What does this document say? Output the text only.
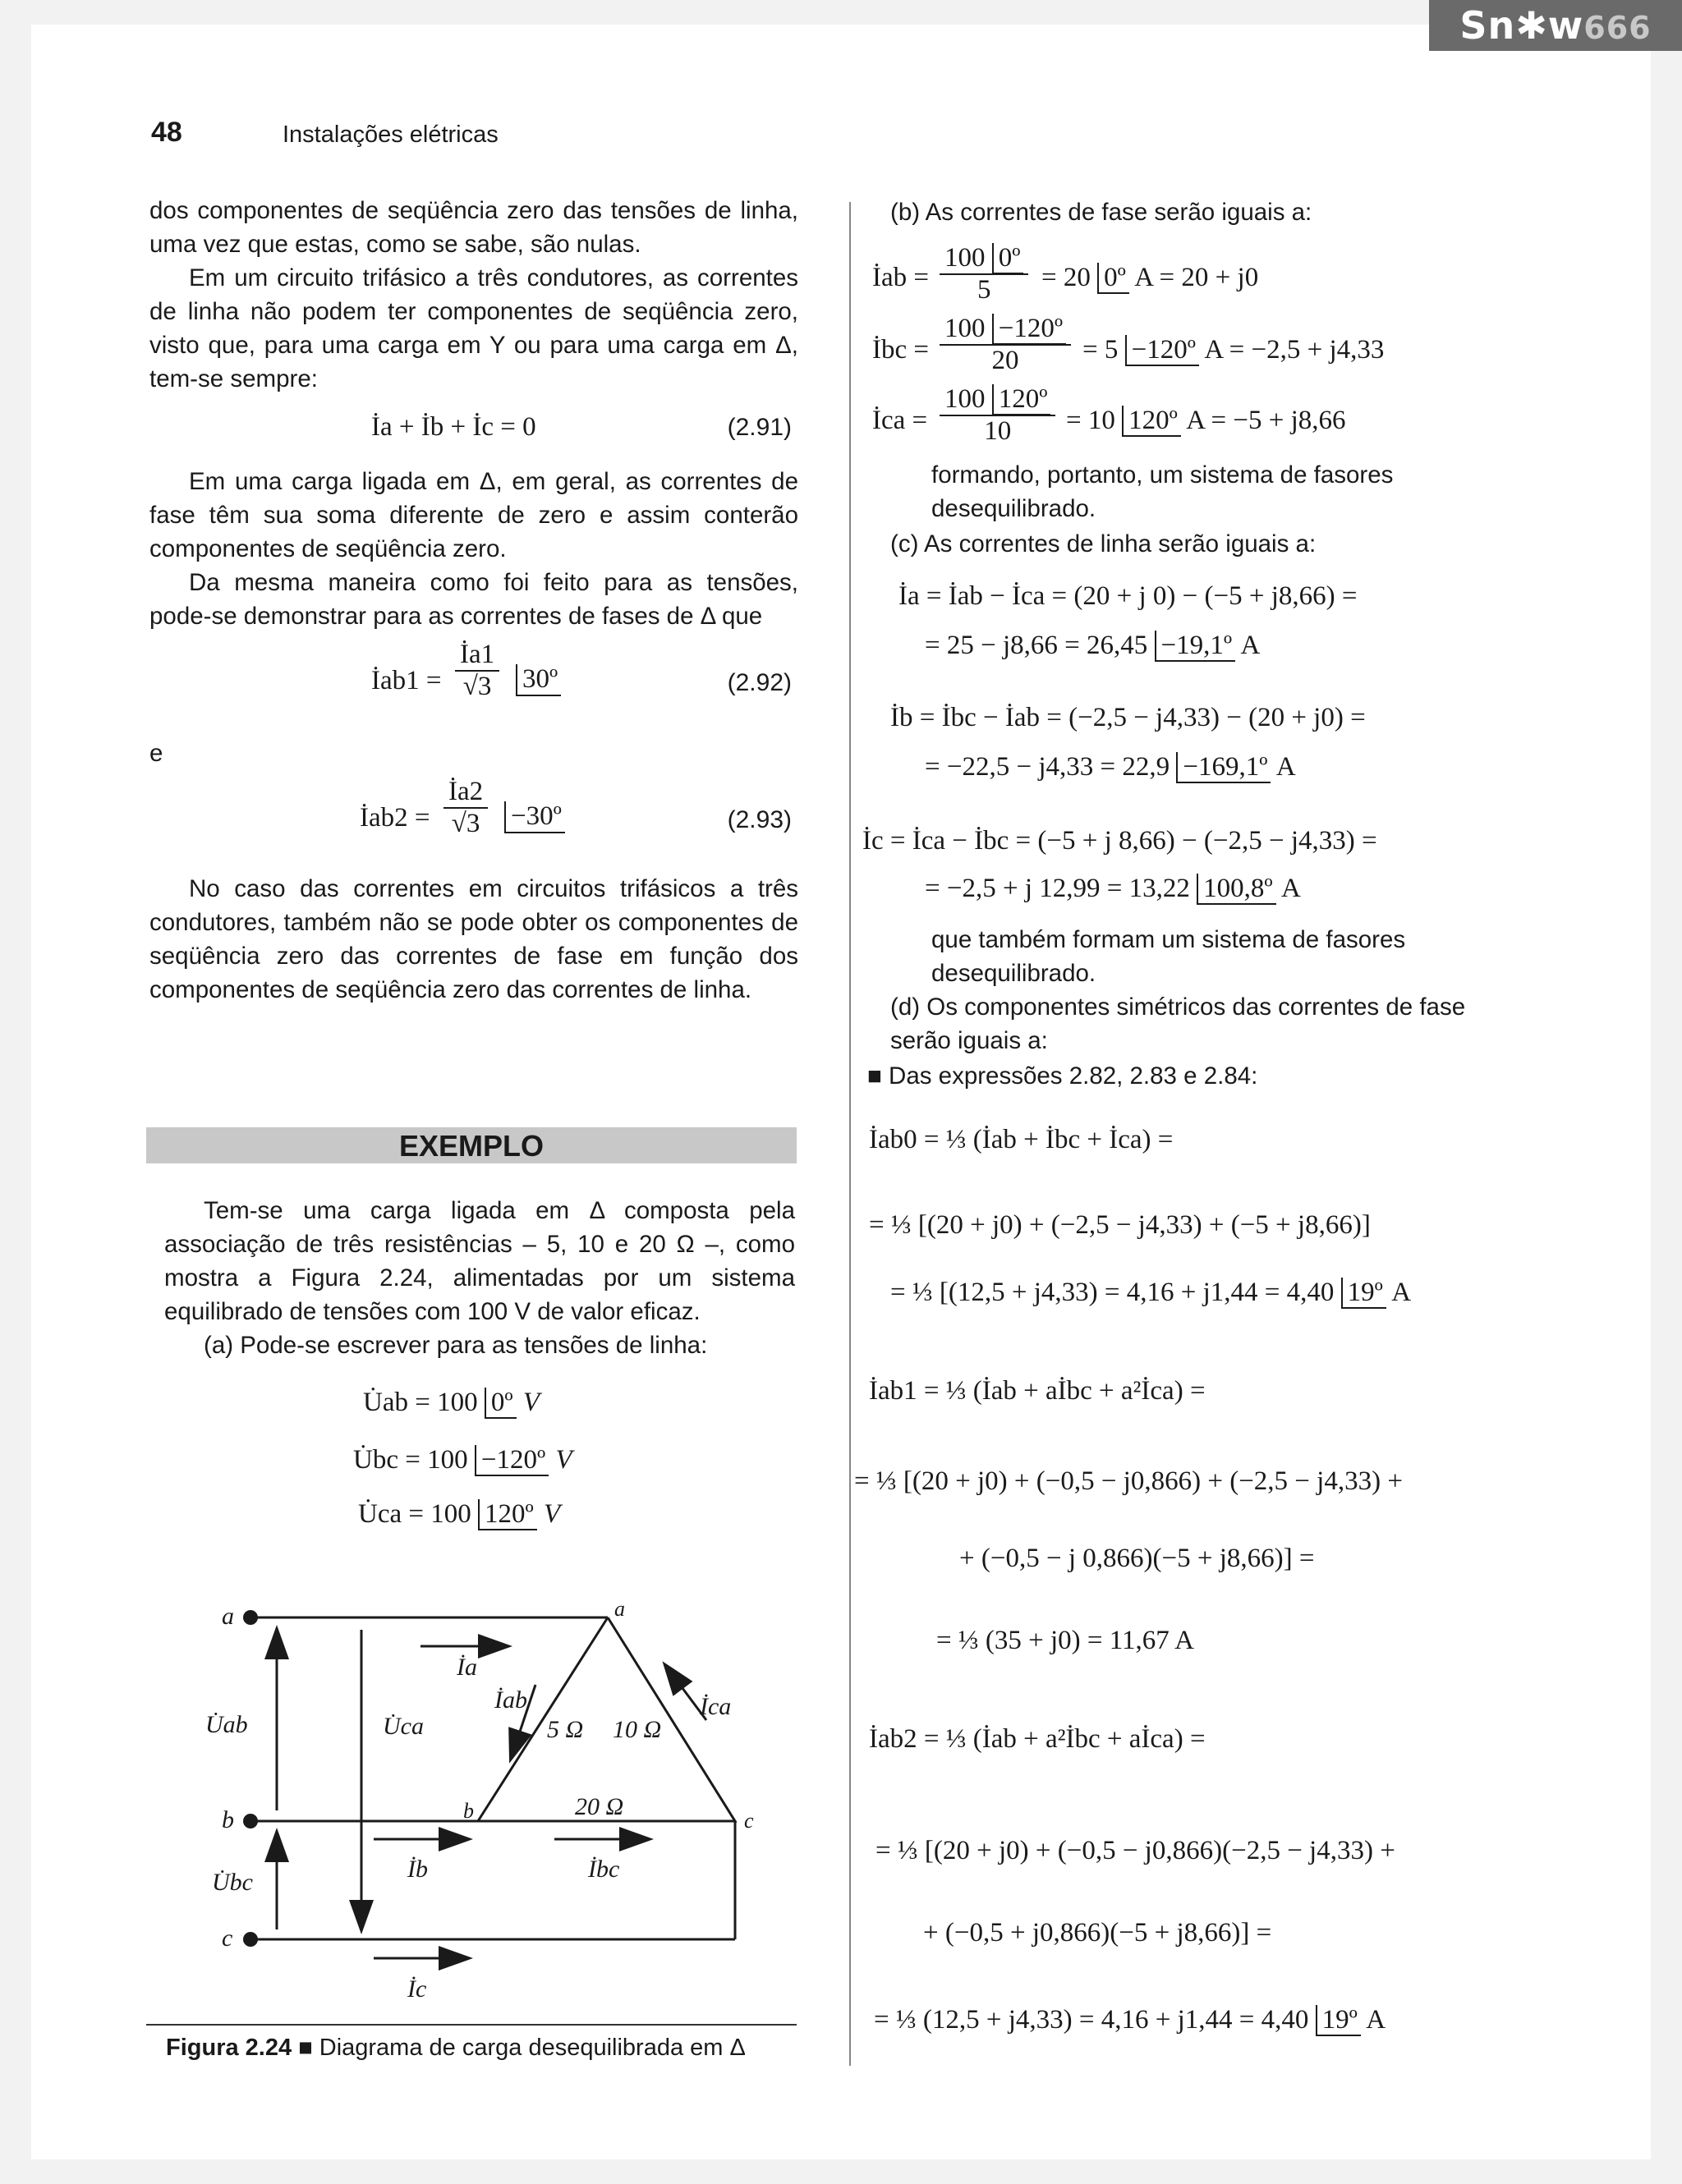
Sn✱w666
48	Instalações elétricas

dos componentes de seqüência zero das tensões de linha, uma vez que estas, como se sabe, são nulas.

Em um circuito trifásico a três condutores, as correntes de linha não podem ter componentes de seqüência zero, visto que, para uma carga em Y ou para uma carga em Δ, tem-se sempre:

İa + İb + İc = 0	(2.91)

Em uma carga ligada em Δ, em geral, as correntes de fase têm sua soma diferente de zero e assim conterão componentes de seqüência zero.

Da mesma maneira como foi feito para as tensões, pode-se demonstrar para as correntes de fases de Δ que

İab1 = $\frac{İa1}{√3}$ 30º	(2.92)

e

İab2 = $\frac{İa2}{√3}$ −30º	(2.93)

No caso das correntes em circuitos trifásicos a três condutores, também não se pode obter os componentes de seqüência zero das correntes de fase em função dos componentes de seqüência zero das correntes de linha.

EXEMPLO

Tem-se uma carga ligada em Δ composta pela associação de três resistências – 5, 10 e 20 Ω –, como mostra a Figura 2.24, alimentadas por um sistema equilibrado de tensões com 100 V de valor eficaz.

(a) Pode-se escrever para as tensões de linha:

U̇ab = 100 0º V
U̇bc = 100 −120º V
U̇ca = 100 120º V
a
b
c
a
b	c
U̇ab	U̇ca
U̇bc
İa
İab	İca
İb	İbc
İc
5 Ω 10 Ω
20 Ω
Figura 2.24 ■ Diagrama de carga desequilibrada em Δ
(b) As correntes de fase serão iguais a:
İab = $\frac{\text{100 0º}}{5} = 20$ 0º A = 20 + j0
İbc = $\frac{\text{100 −120º}}{20} = 5$ −120º A = −2,5 + j4,33
İca = $\frac{\text{100 120º}}{10} = 10$ 120º A = −5 + j8,66
formando, portanto, um sistema de fasores desequilibrado.
(c) As correntes de linha serão iguais a:
İa = İab − İca = (20 + j 0) − (−5 + j8,66) =
= 25 − j8,66 = 26,45 −19,1º A
İb = İbc − İab = (−2,5 − j4,33) − (20 + j0) =
= −22,5 − j4,33 = 22,9 −169,1º A
İc = İca − İbc = (−5 + j 8,66) − (−2,5 − j4,33) =
= −2,5 + j 12,99 = 13,22 100,8º A
que também formam um sistema de fasores desequilibrado.
(d) Os componentes simétricos das correntes de fase serão iguais a:
■ Das expressões 2.82, 2.83 e 2.84:
İab0 = ⅓ (İab + İbc + İca) =
= ⅓ [(20 + j0) + (−2,5 − j4,33) + (−5 + j8,66)]
= ⅓ [(12,5 + j4,33) = 4,16 + j1,44 = 4,40 19º A
İab1 = ⅓ (İab + aİbc + a²İca) =
= ⅓ [(20 + j0) + (−0,5 − j0,866) + (−2,5 − j4,33) +
+ (−0,5 − j 0,866)(−5 + j8,66)] =
= ⅓ (35 + j0) = 11,67 A
İab2 = ⅓ (İab + a²İbc + aİca) =
= ⅓ [(20 + j0) + (−0,5 − j0,866)(−2,5 − j4,33) +
+ (−0,5 + j0,866)(−5 + j8,66)] =
= ⅓ (12,5 + j4,33) = 4,16 + j1,44 = 4,40 19º A
